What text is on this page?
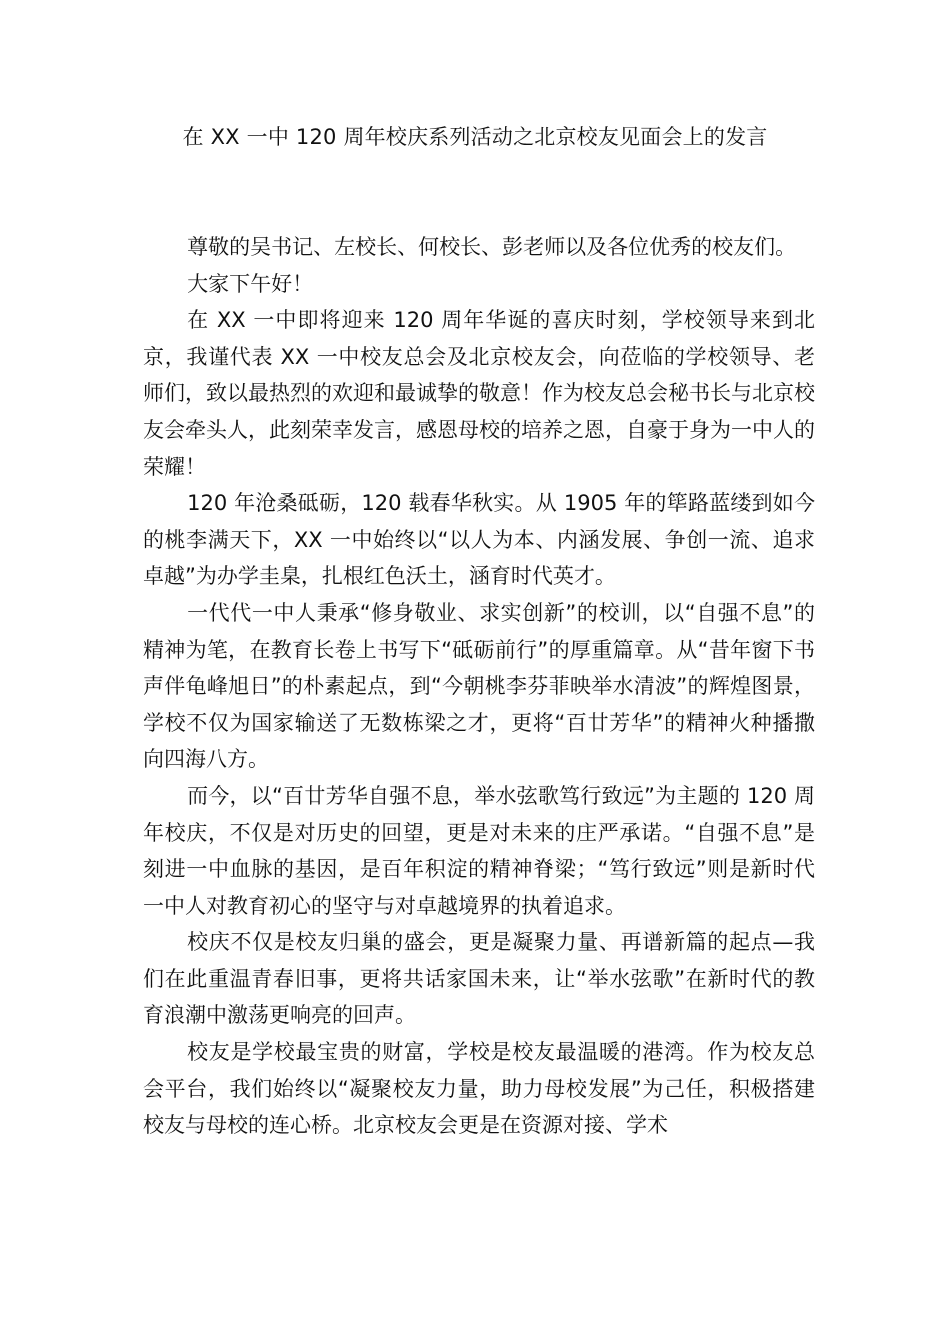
在 XX 一中 120 周年校庆系列活动之北京校友见面会上的发言

尊敬的吴书记、左校长、何校长、彭老师以及各位优秀的校友们。

大家下午好！

在 XX 一中即将迎来 120 周年华诞的喜庆时刻，学校领导来到北京，我谨代表 XX 一中校友总会及北京校友会，向莅临的学校领导、老师们，致以最热烈的欢迎和最诚挚的敬意！作为校友总会秘书长与北京校友会牵头人，此刻荣幸发言，感恩母校的培养之恩，自豪于身为一中人的荣耀！

120 年沧桑砥砺，120 载春华秋实。从 1905 年的筚路蓝缕到如今的桃李满天下，XX 一中始终以“以人为本、内涵发展、争创一流、追求卓越”为办学圭臬，扎根红色沃土，涵育时代英才。

一代代一中人秉承“修身敬业、求实创新”的校训，以“自强不息”的精神为笔，在教育长卷上书写下“砥砺前行”的厚重篇章。从“昔年窗下书声伴龟峰旭日”的朴素起点，到“今朝桃李芬菲映举水清波”的辉煌图景，学校不仅为国家输送了无数栋梁之才，更将“百廿芳华”的精神火种播撒向四海八方。

而今，以“百廿芳华自强不息，举水弦歌笃行致远”为主题的 120 周年校庆，不仅是对历史的回望，更是对未来的庄严承诺。“自强不息”是刻进一中血脉的基因，是百年积淀的精神脊梁；“笃行致远”则是新时代一中人对教育初心的坚守与对卓越境界的执着追求。

校庆不仅是校友归巢的盛会，更是凝聚力量、再谱新篇的起点—我们在此重温青春旧事，更将共话家国未来，让“举水弦歌”在新时代的教育浪潮中激荡更响亮的回声。

校友是学校最宝贵的财富，学校是校友最温暖的港湾。作为校友总会平台，我们始终以“凝聚校友力量，助力母校发展”为己任，积极搭建校友与母校的连心桥。北京校友会更是在资源对接、学术
